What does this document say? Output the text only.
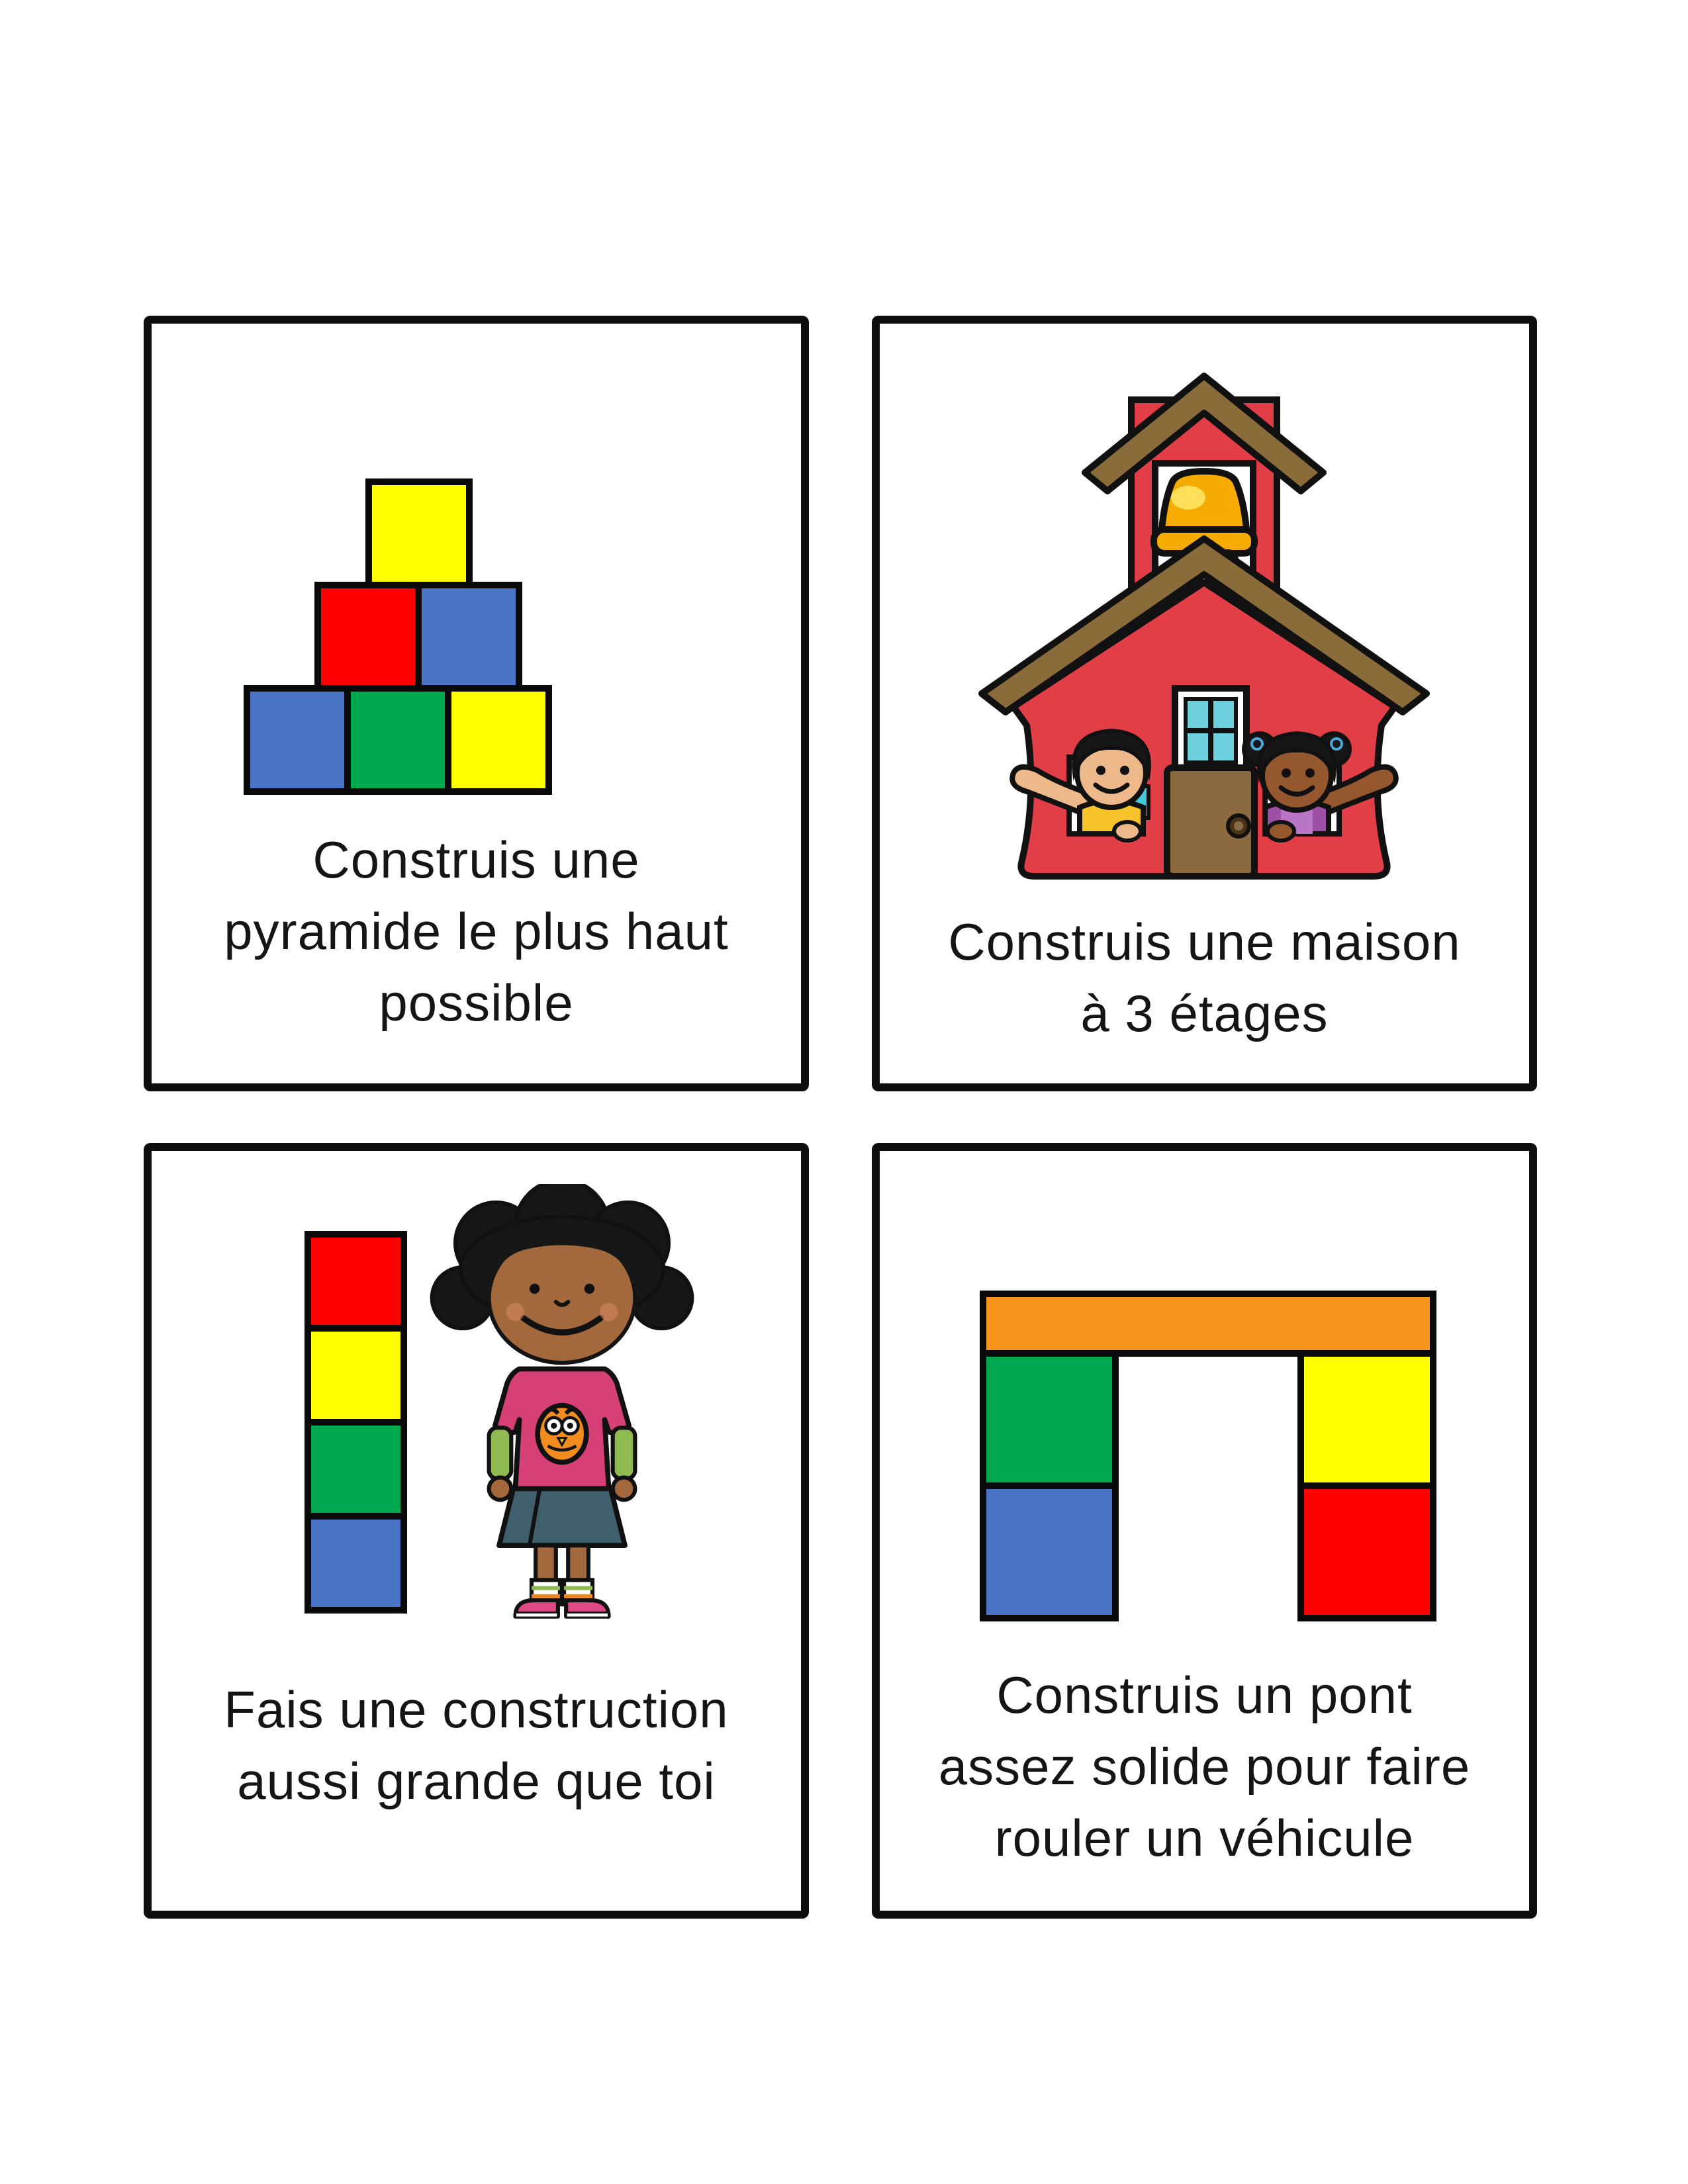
Construis une
pyramide le plus haut
possible
Construis une maison
à 3 étages
Fais une construction
aussi grande que toi
Construis un pont
assez solide pour faire
rouler un véhicule
